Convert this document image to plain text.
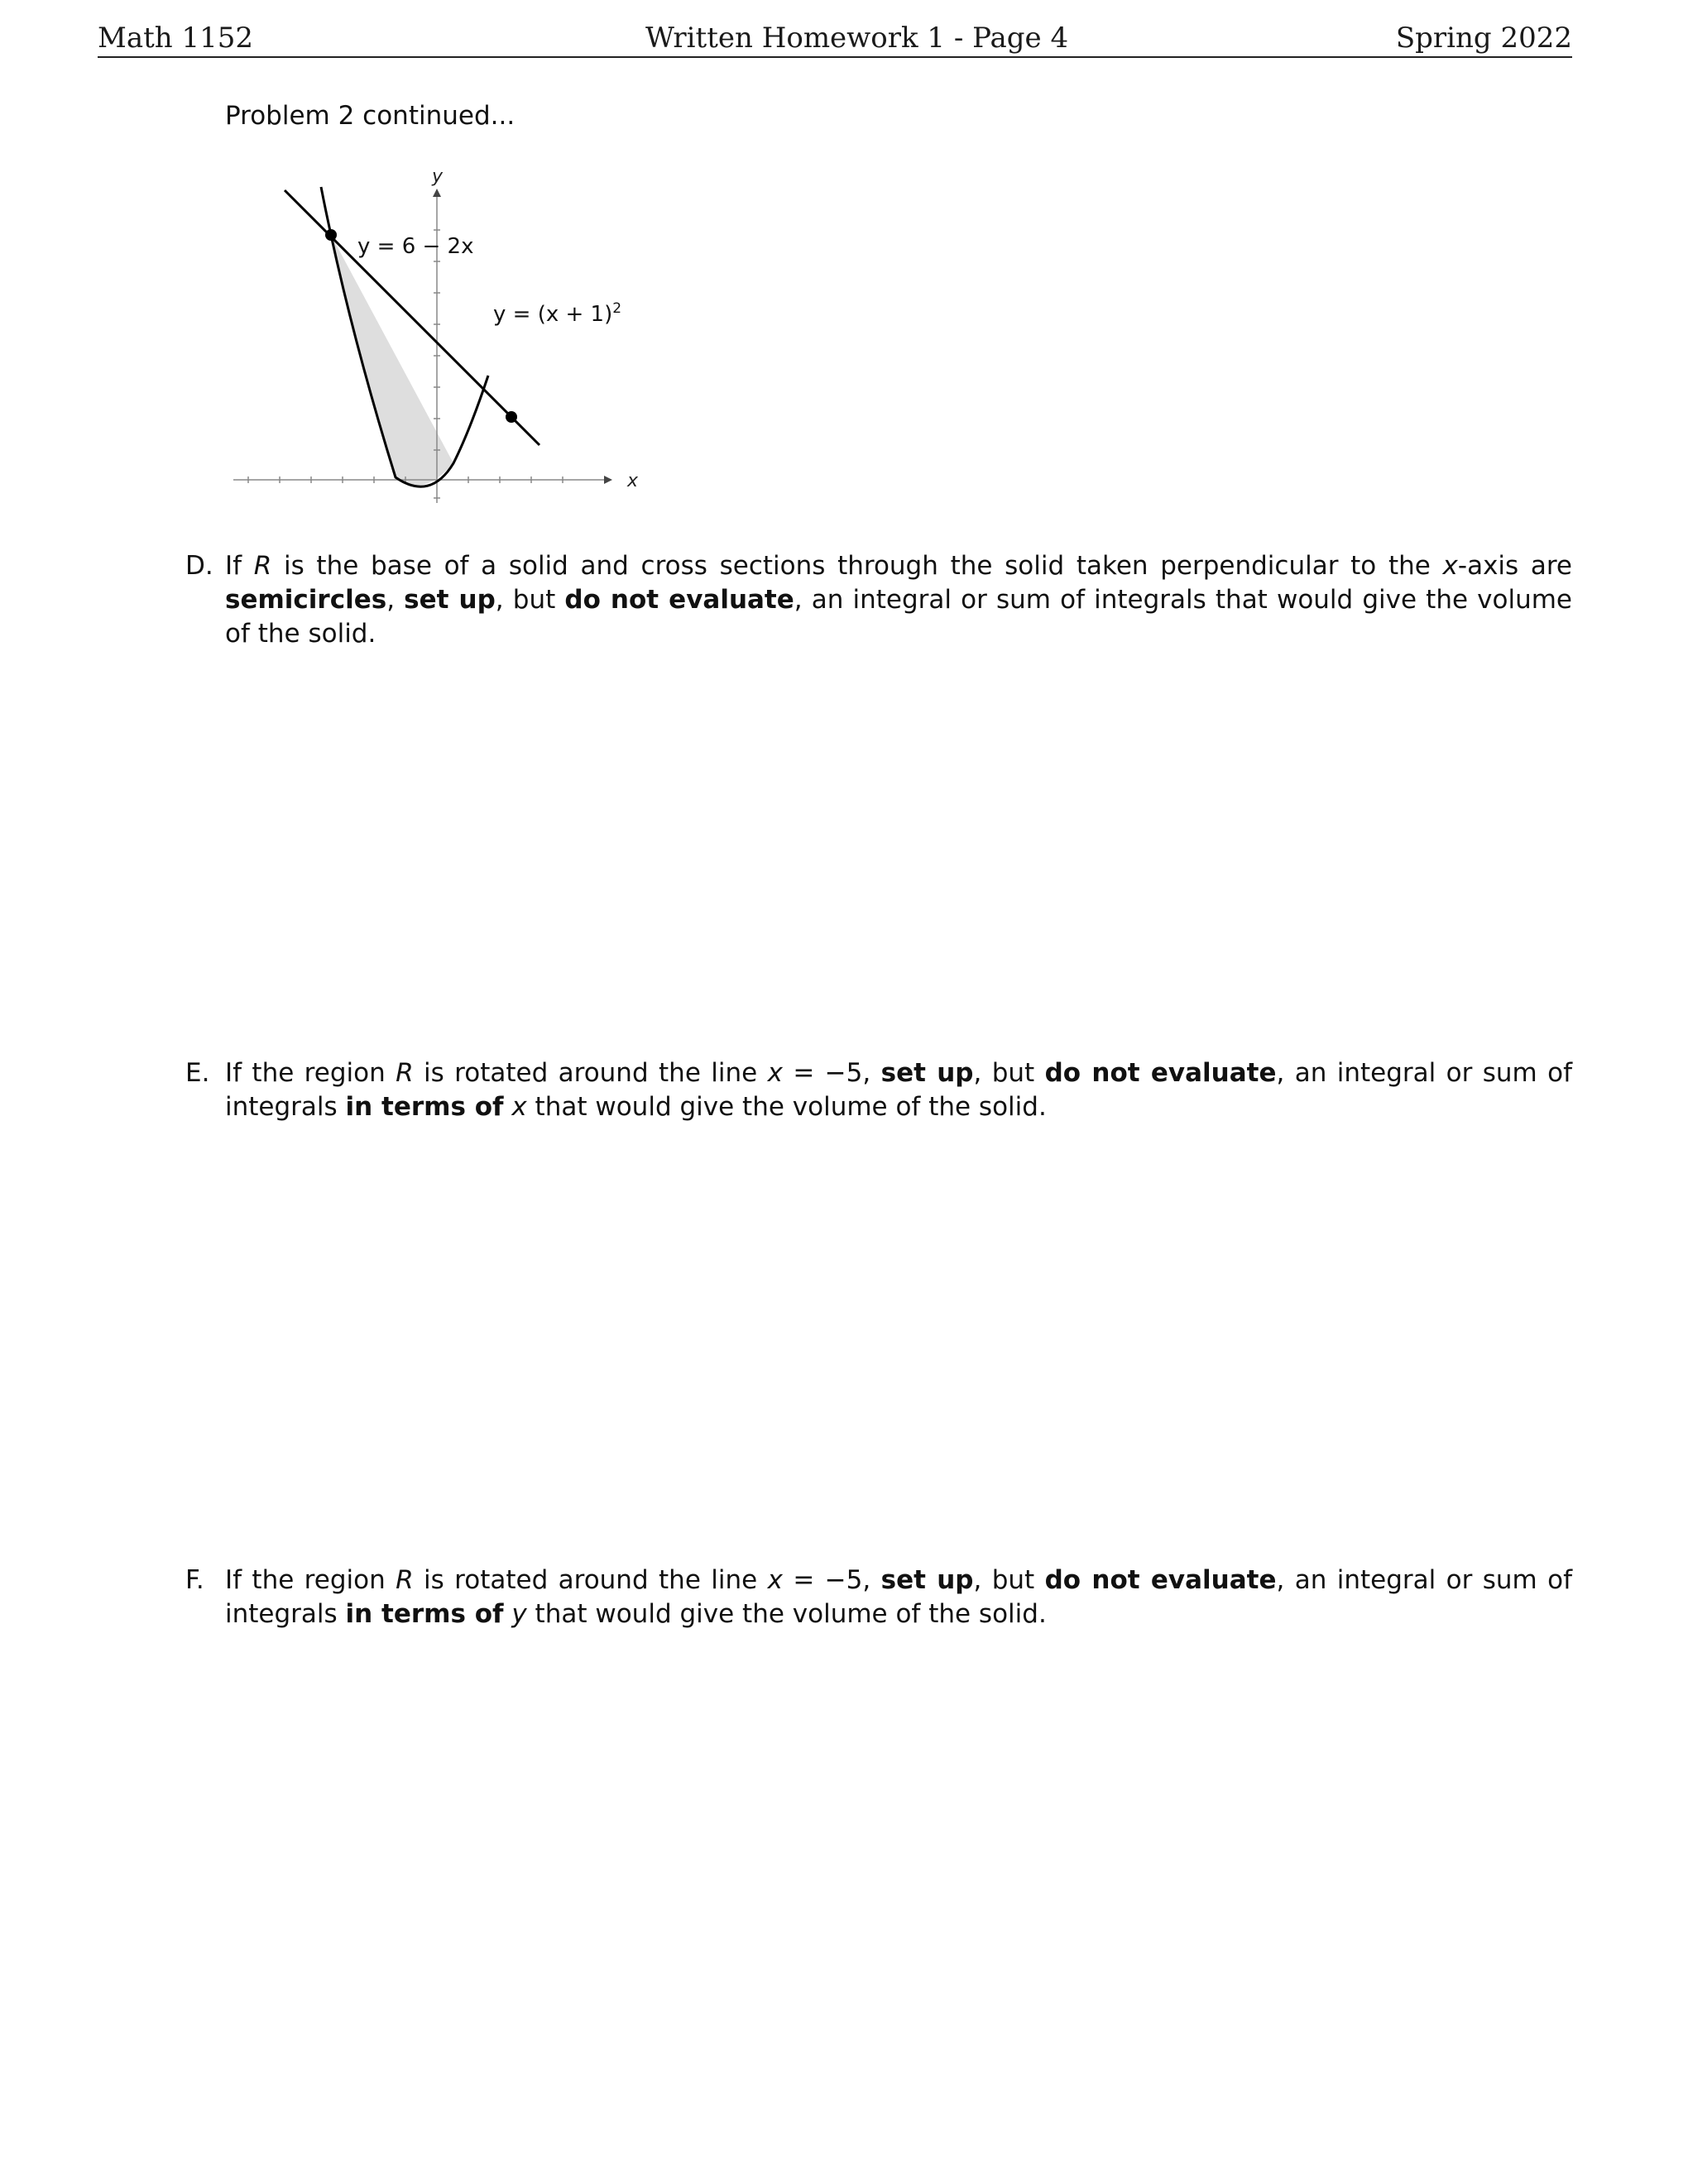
Math 1152	Written Homework 1 - Page 4	Spring 2022
Problem 2 continued...
y
x
y = 6 − 2x
$y = (x + 1)^2$
D. If R is the base of a solid and cross sections through the solid taken perpendicular to the x-axis are semicircles, set up, but do not evaluate, an integral or sum of integrals that would give the volume of the solid.
E. If the region R is rotated around the line x = −5, set up, but do not evaluate, an integral or sum of integrals in terms of x that would give the volume of the solid.
F. If the region R is rotated around the line x = −5, set up, but do not evaluate, an integral or sum of integrals in terms of y that would give the volume of the solid.
